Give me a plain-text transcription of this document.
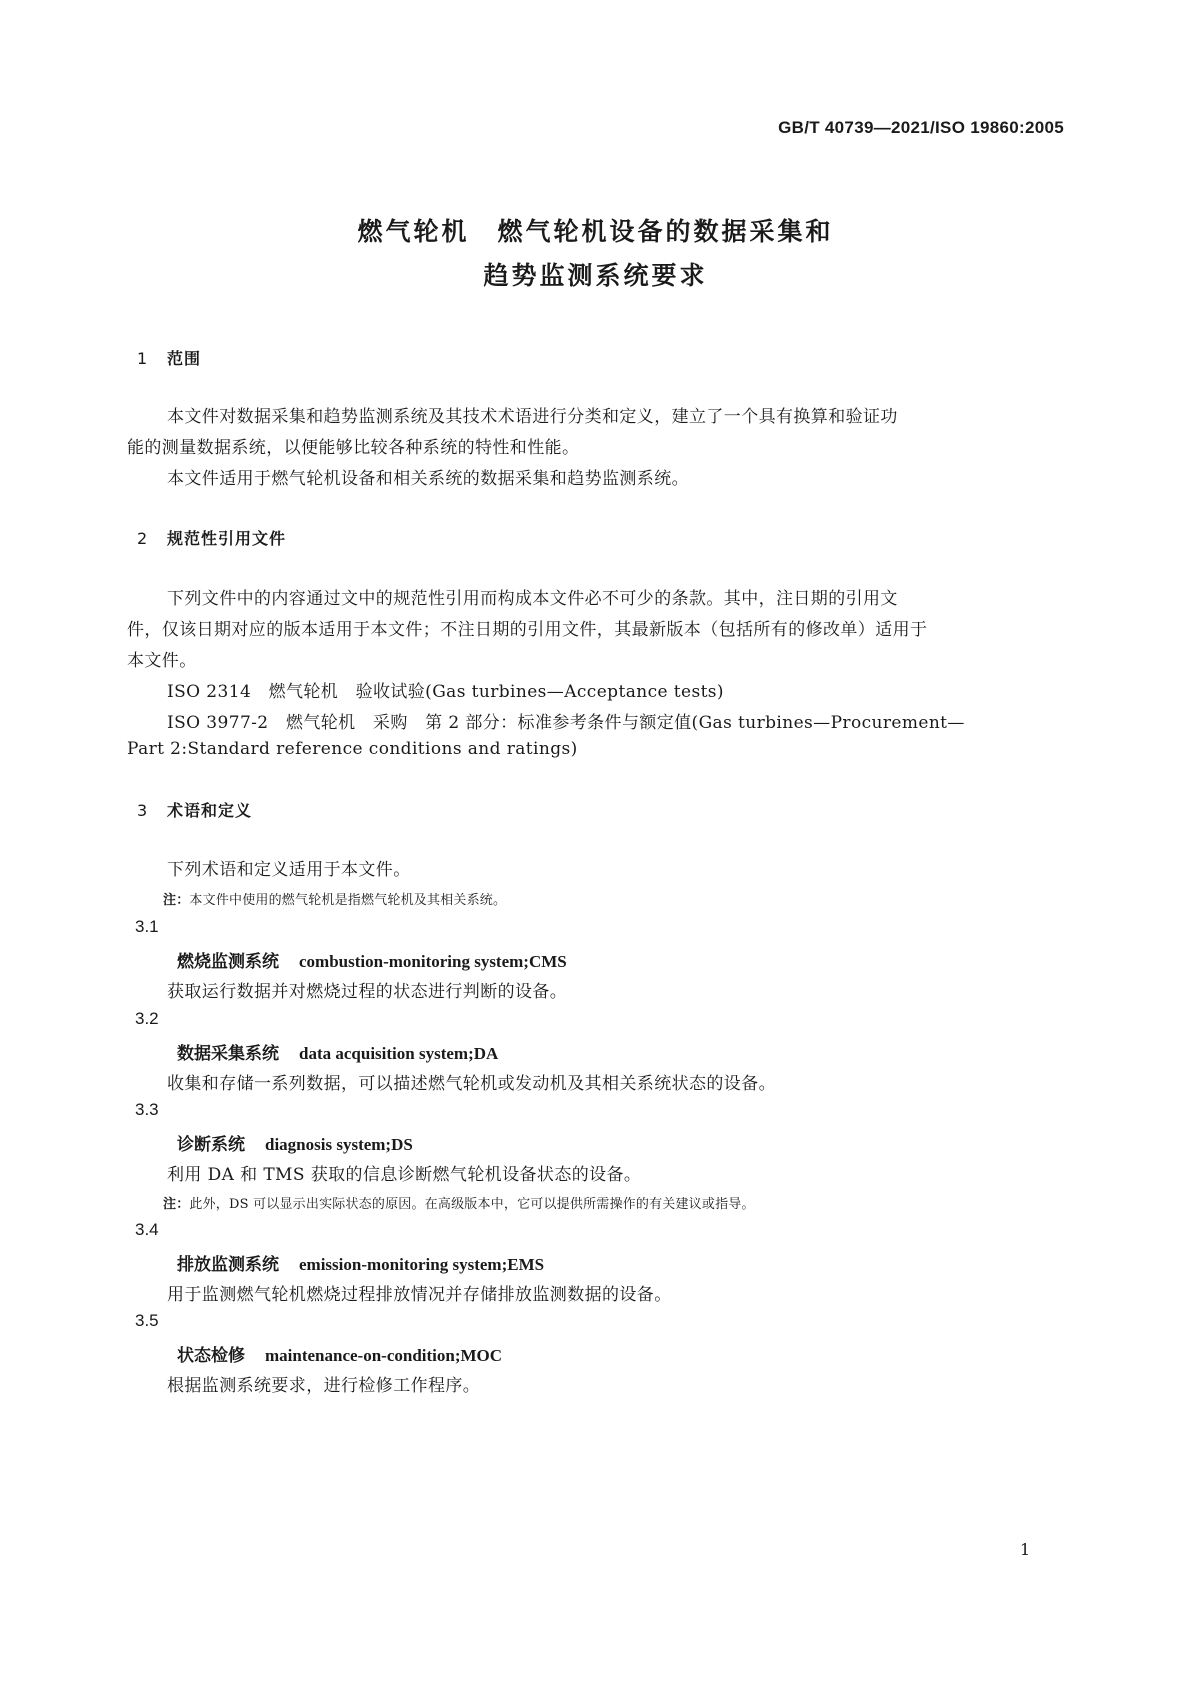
GB/T 40739—2021/ISO 19860:2005
燃气轮机　燃气轮机设备的数据采集和
趋势监测系统要求
1 范围
本文件对数据采集和趋势监测系统及其技术术语进行分类和定义，建立了一个具有换算和验证功
能的测量数据系统，以便能够比较各种系统的特性和性能。
本文件适用于燃气轮机设备和相关系统的数据采集和趋势监测系统。
2 规范性引用文件
下列文件中的内容通过文中的规范性引用而构成本文件必不可少的条款。其中，注日期的引用文
件，仅该日期对应的版本适用于本文件；不注日期的引用文件，其最新版本（包括所有的修改单）适用于
本文件。
ISO 2314　燃气轮机　验收试验(Gas turbines—Acceptance tests)
ISO 3977-2　燃气轮机　采购　第 2 部分：标准参考条件与额定值(Gas turbines—Procurement—
Part 2:Standard reference conditions and ratings)
3 术语和定义
下列术语和定义适用于本文件。
注：本文件中使用的燃气轮机是指燃气轮机及其相关系统。
3.1
燃烧监测系统 combustion-monitoring system;CMS
获取运行数据并对燃烧过程的状态进行判断的设备。
3.2
数据采集系统 data acquisition system;DA
收集和存储一系列数据，可以描述燃气轮机或发动机及其相关系统状态的设备。
3.3
诊断系统 diagnosis system;DS
利用 DA 和 TMS 获取的信息诊断燃气轮机设备状态的设备。
注：此外，DS 可以显示出实际状态的原因。在高级版本中，它可以提供所需操作的有关建议或指导。
3.4
排放监测系统 emission-monitoring system;EMS
用于监测燃气轮机燃烧过程排放情况并存储排放监测数据的设备。
3.5
状态检修 maintenance-on-condition;MOC
根据监测系统要求，进行检修工作程序。
1
